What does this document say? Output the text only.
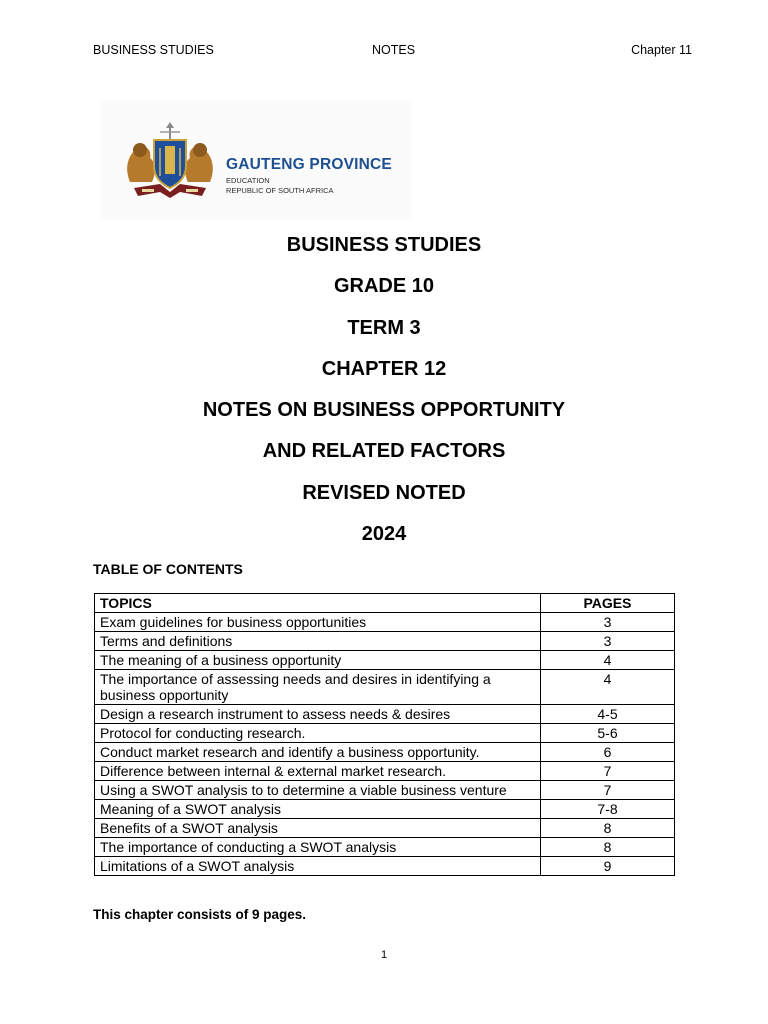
BUSINESS STUDIES	NOTES	Chapter 11
GAUTENG PROVINCE
EDUCATION
REPUBLIC OF SOUTH AFRICA
BUSINESS STUDIES
GRADE 10
TERM 3
CHAPTER 12
NOTES ON BUSINESS OPPORTUNITY
AND RELATED FACTORS
REVISED NOTED
2024
TABLE OF CONTENTS
TOPICS	PAGES
Exam guidelines for business opportunities	3
Terms and definitions	3
The meaning of a business opportunity	4
The importance of assessing needs and desires in identifying a business opportunity	4
Design a research instrument to assess needs & desires	4-5
Protocol for conducting research.	5-6
Conduct market research and identify a business opportunity.	6
Difference between internal & external market research.	7
Using a SWOT analysis to to determine a viable business venture	7
Meaning of a SWOT analysis	7-8
Benefits of a SWOT analysis	8
The importance of conducting a SWOT analysis	8
Limitations of a SWOT analysis	9
This chapter consists of 9 pages.
1
